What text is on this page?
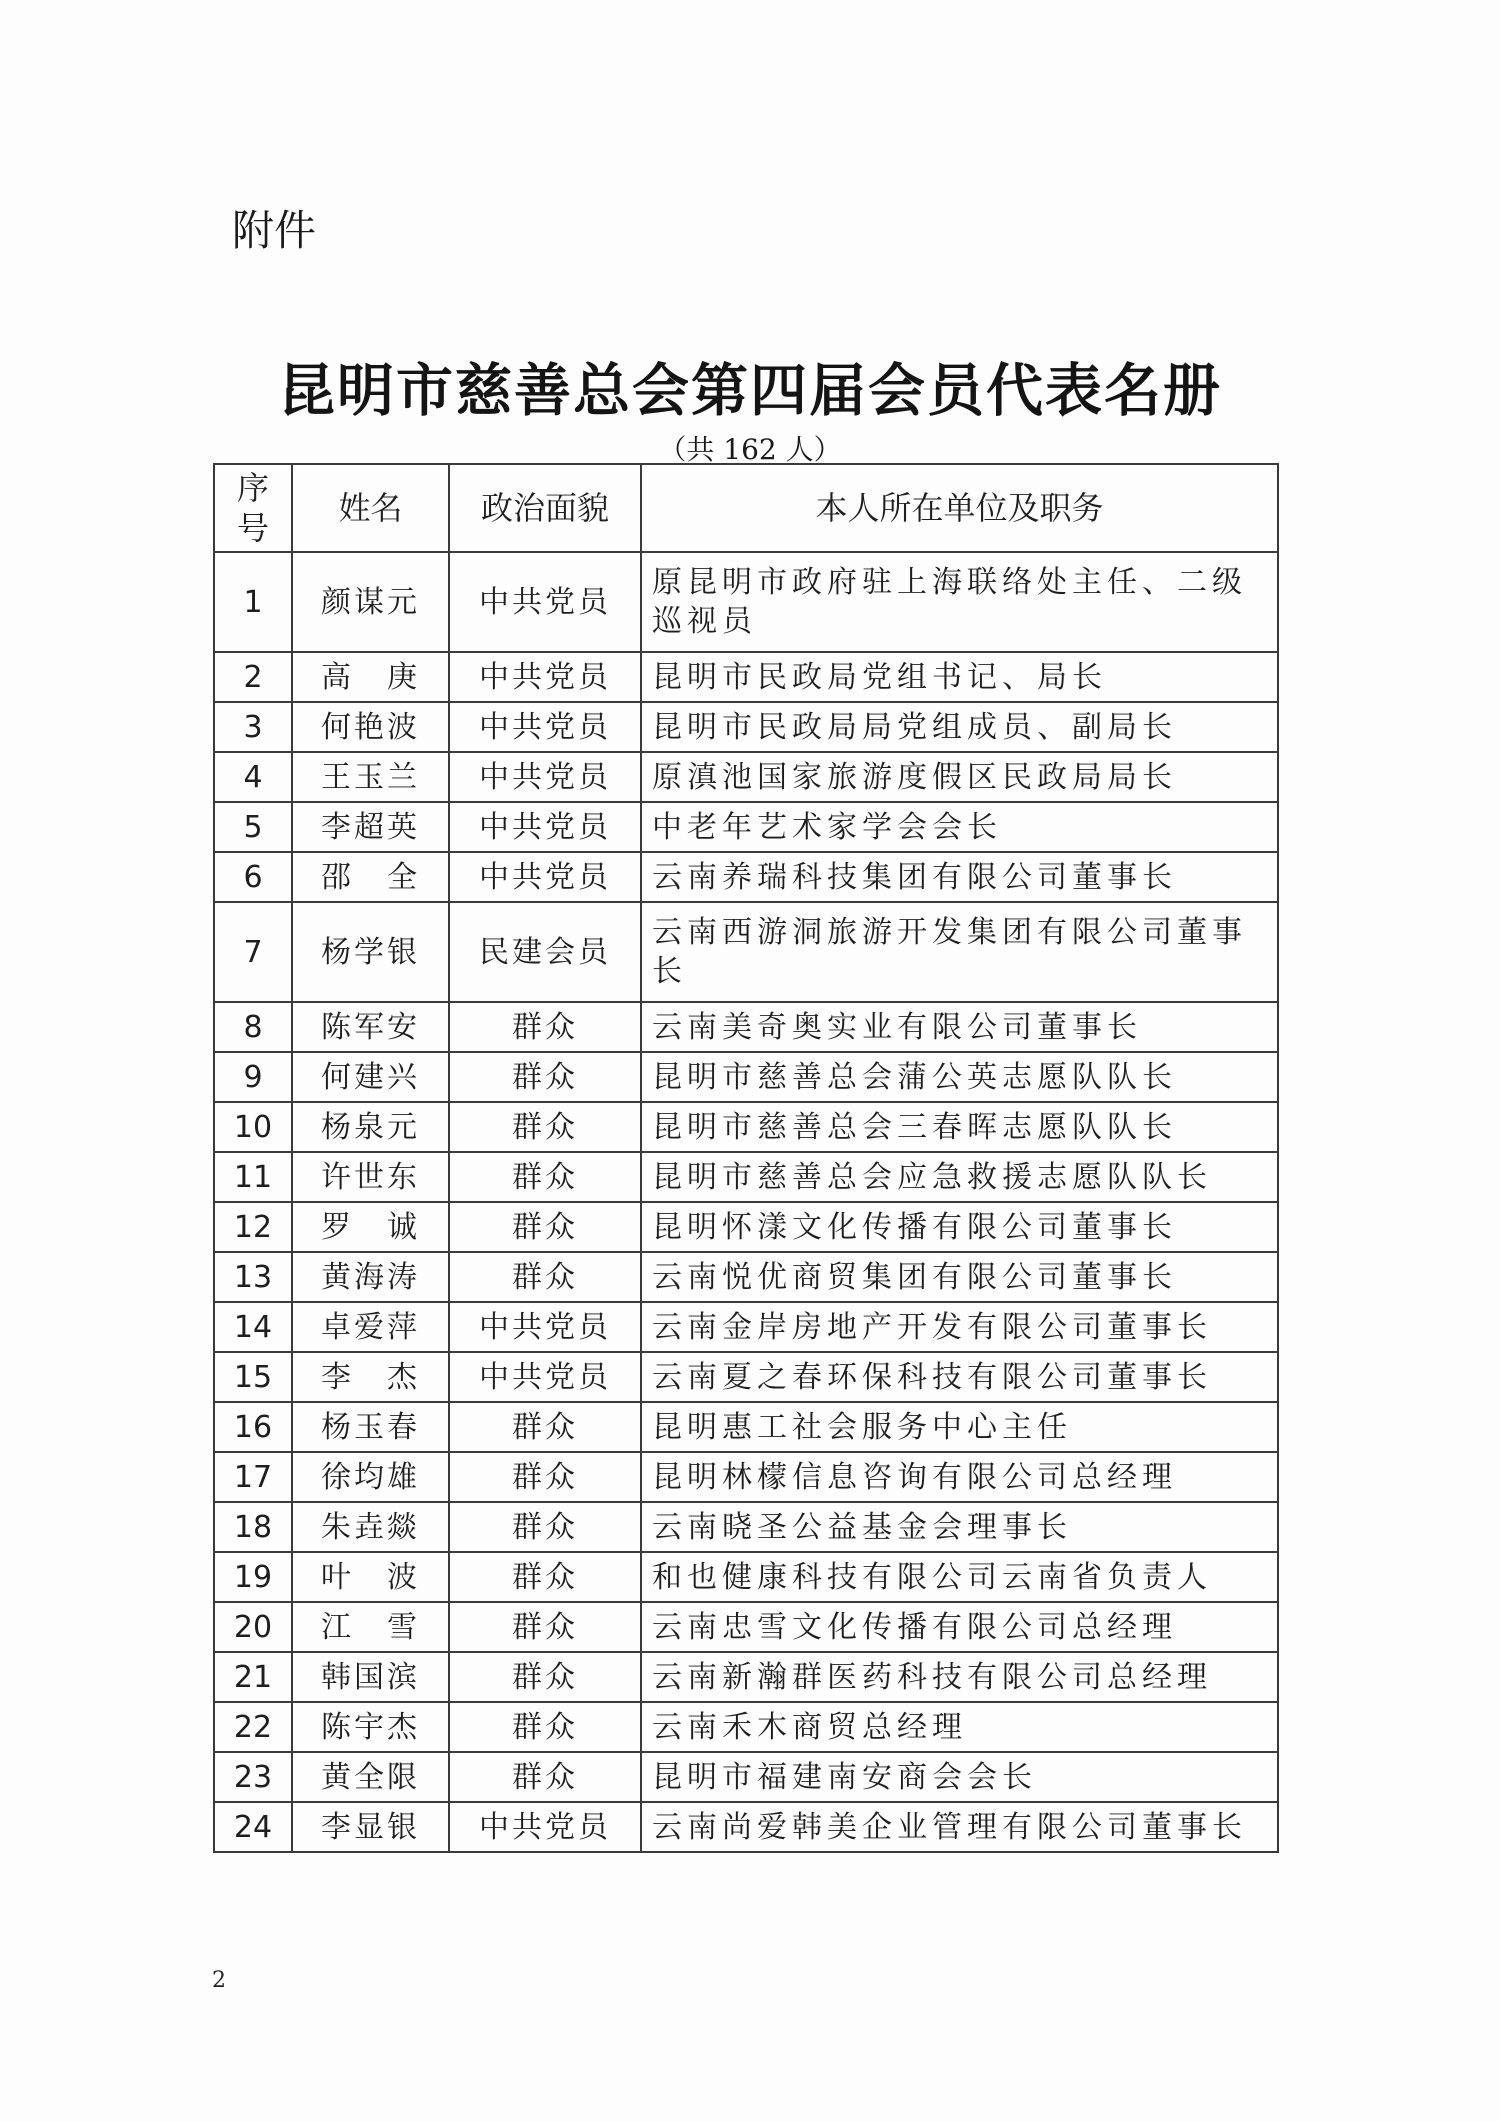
附件
昆明市慈善总会第四届会员代表名册
（共 162 人）
序号	姓名	政治面貌	本人所在单位及职务
1	颜谋元	中共党员	原昆明市政府驻上海联络处主任、二级巡视员
2	高　庚	中共党员	昆明市民政局党组书记、局长
3	何艳波	中共党员	昆明市民政局局党组成员、副局长
4	王玉兰	中共党员	原滇池国家旅游度假区民政局局长
5	李超英	中共党员	中老年艺术家学会会长
6	邵　全	中共党员	云南养瑞科技集团有限公司董事长
7	杨学银	民建会员	云南西游洞旅游开发集团有限公司董事长
8	陈军安	群众	云南美奇奥实业有限公司董事长
9	何建兴	群众	昆明市慈善总会蒲公英志愿队队长
10	杨泉元	群众	昆明市慈善总会三春晖志愿队队长
11	许世东	群众	昆明市慈善总会应急救援志愿队队长
12	罗　诚	群众	昆明怀漾文化传播有限公司董事长
13	黄海涛	群众	云南悦优商贸集团有限公司董事长
14	卓爱萍	中共党员	云南金岸房地产开发有限公司董事长
15	李　杰	中共党员	云南夏之春环保科技有限公司董事长
16	杨玉春	群众	昆明惠工社会服务中心主任
17	徐均雄	群众	昆明林檬信息咨询有限公司总经理
18	朱垚燚	群众	云南晓圣公益基金会理事长
19	叶　波	群众	和也健康科技有限公司云南省负责人
20	江　雪	群众	云南忠雪文化传播有限公司总经理
21	韩国滨	群众	云南新瀚群医药科技有限公司总经理
22	陈宇杰	群众	云南禾木商贸总经理
23	黄全限	群众	昆明市福建南安商会会长
24	李显银	中共党员	云南尚爱韩美企业管理有限公司董事长
2
